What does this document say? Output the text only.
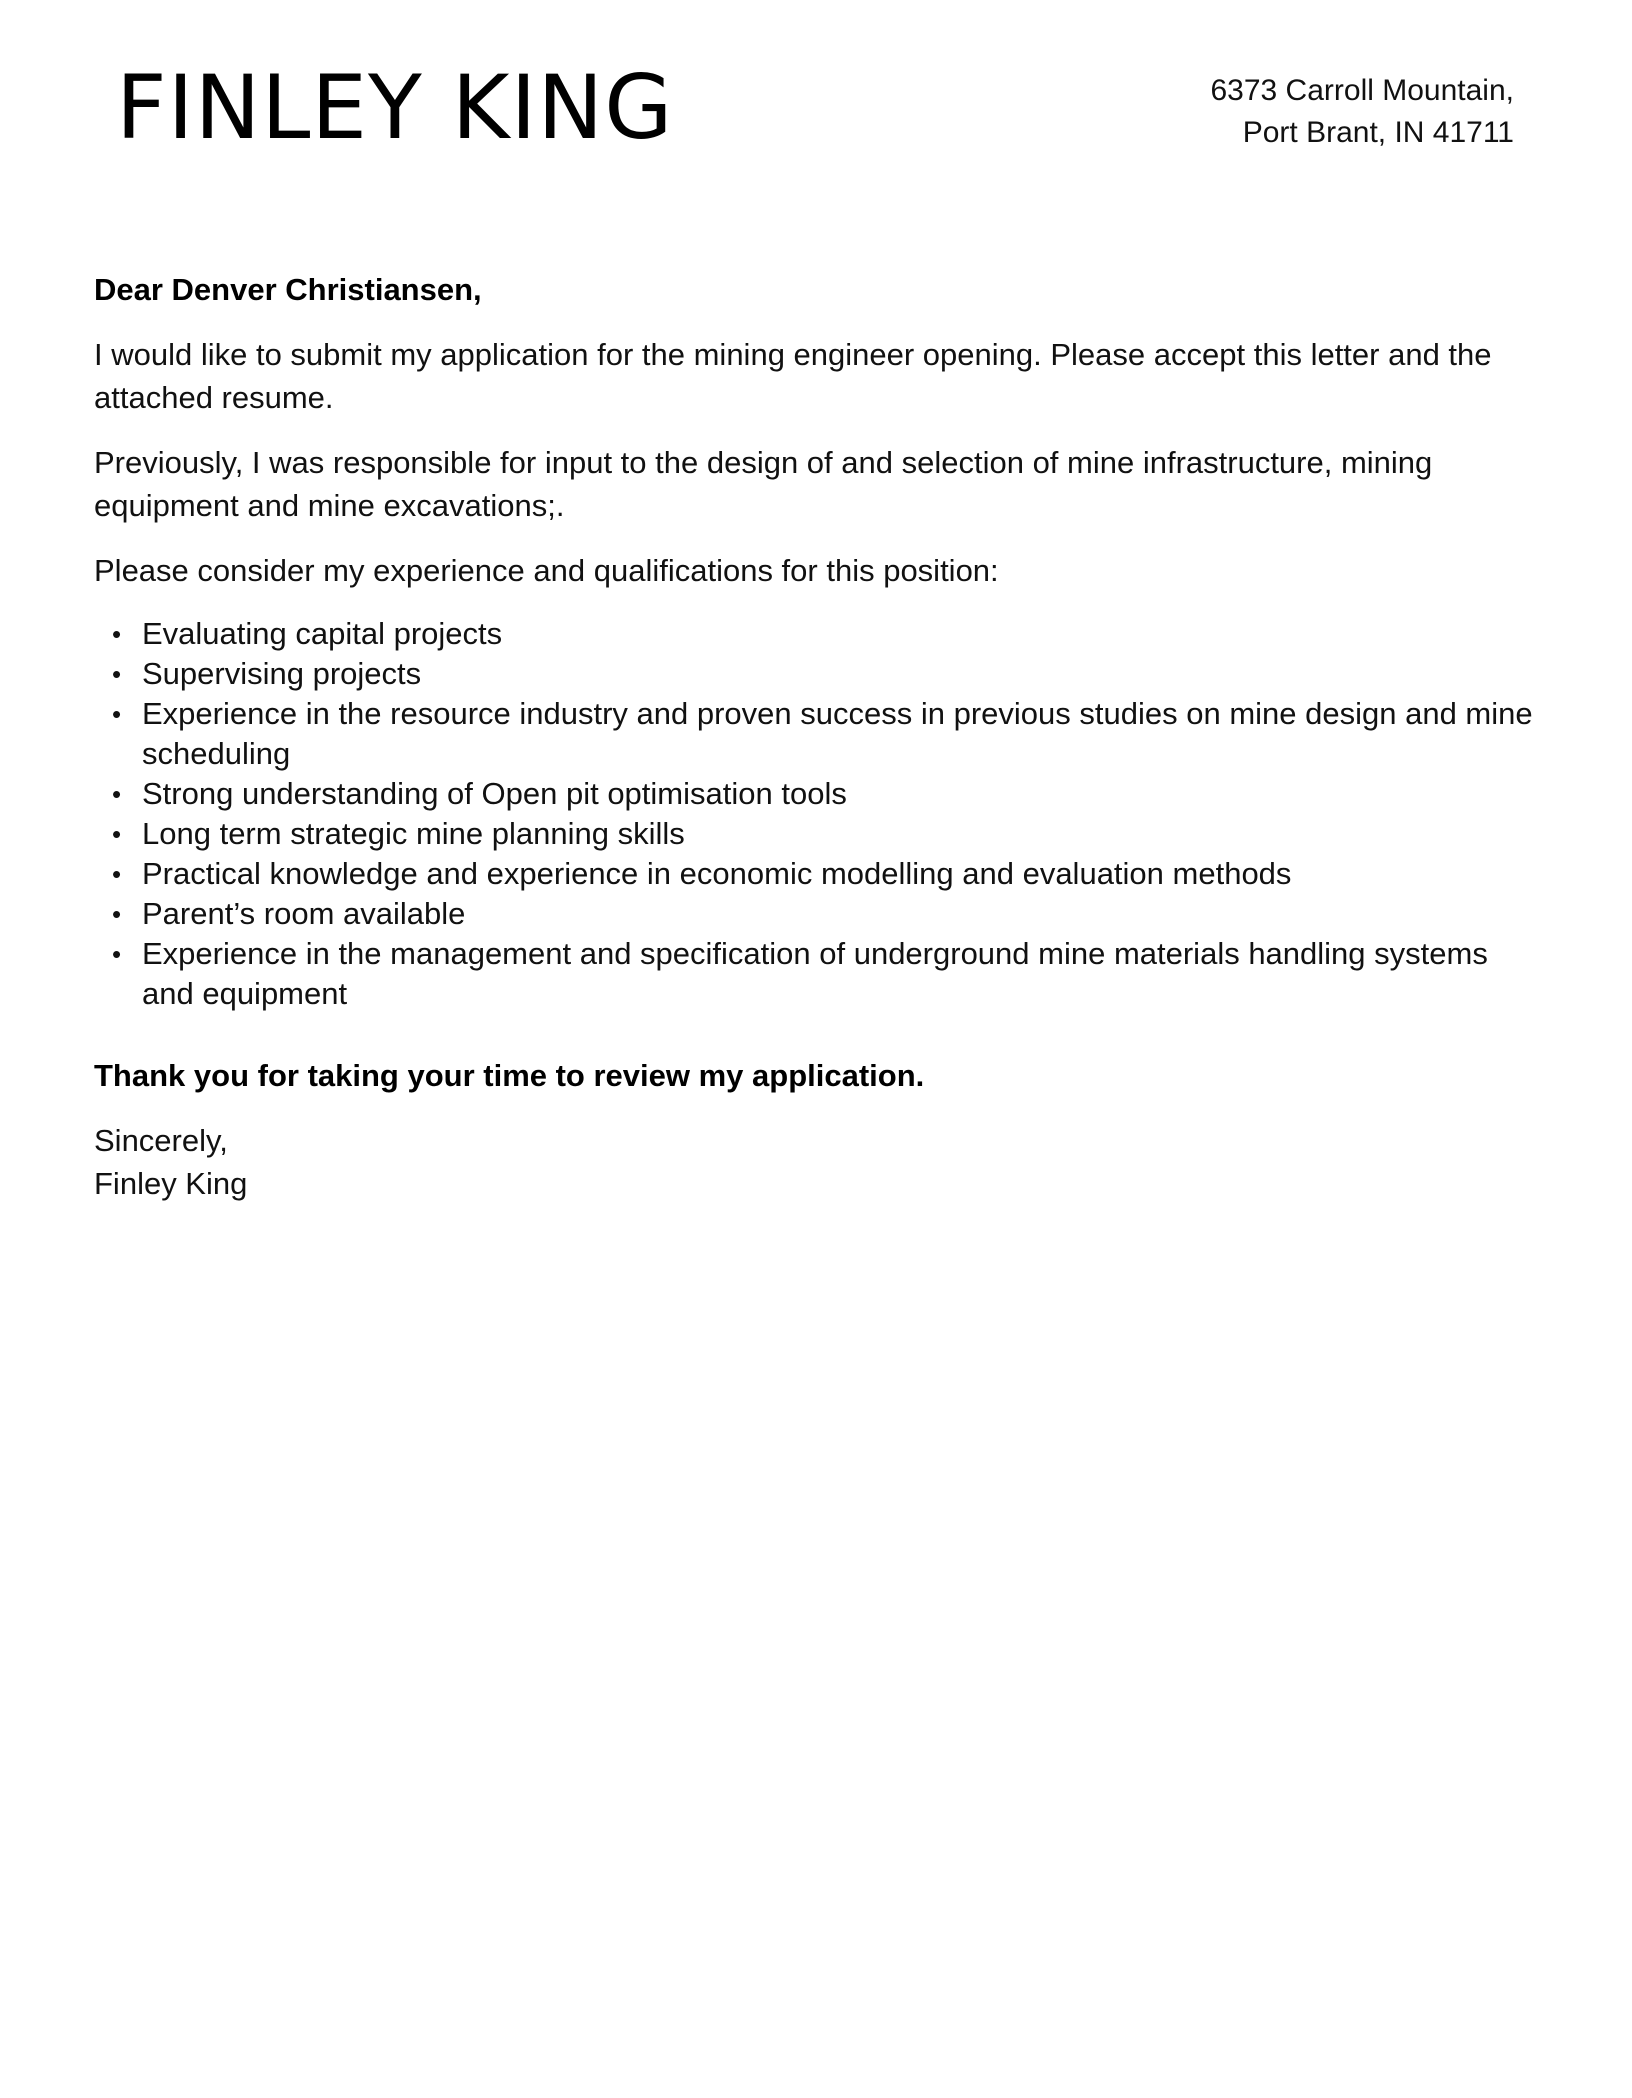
FINLEY KING	6373 Carroll Mountain,
Port Brant, IN 41711

Dear Denver Christiansen,

I would like to submit my application for the mining engineer opening. Please accept this letter and the attached resume.

Previously, I was responsible for input to the design of and selection of mine infrastructure, mining equipment and mine excavations;.

Please consider my experience and qualifications for this position:

• Evaluating capital projects
• Supervising projects
• Experience in the resource industry and proven success in previous studies on mine design and mine scheduling
• Strong understanding of Open pit optimisation tools
• Long term strategic mine planning skills
• Practical knowledge and experience in economic modelling and evaluation methods
• Parent’s room available
• Experience in the management and specification of underground mine materials handling systems and equipment

Thank you for taking your time to review my application.

Sincerely,

Finley King
